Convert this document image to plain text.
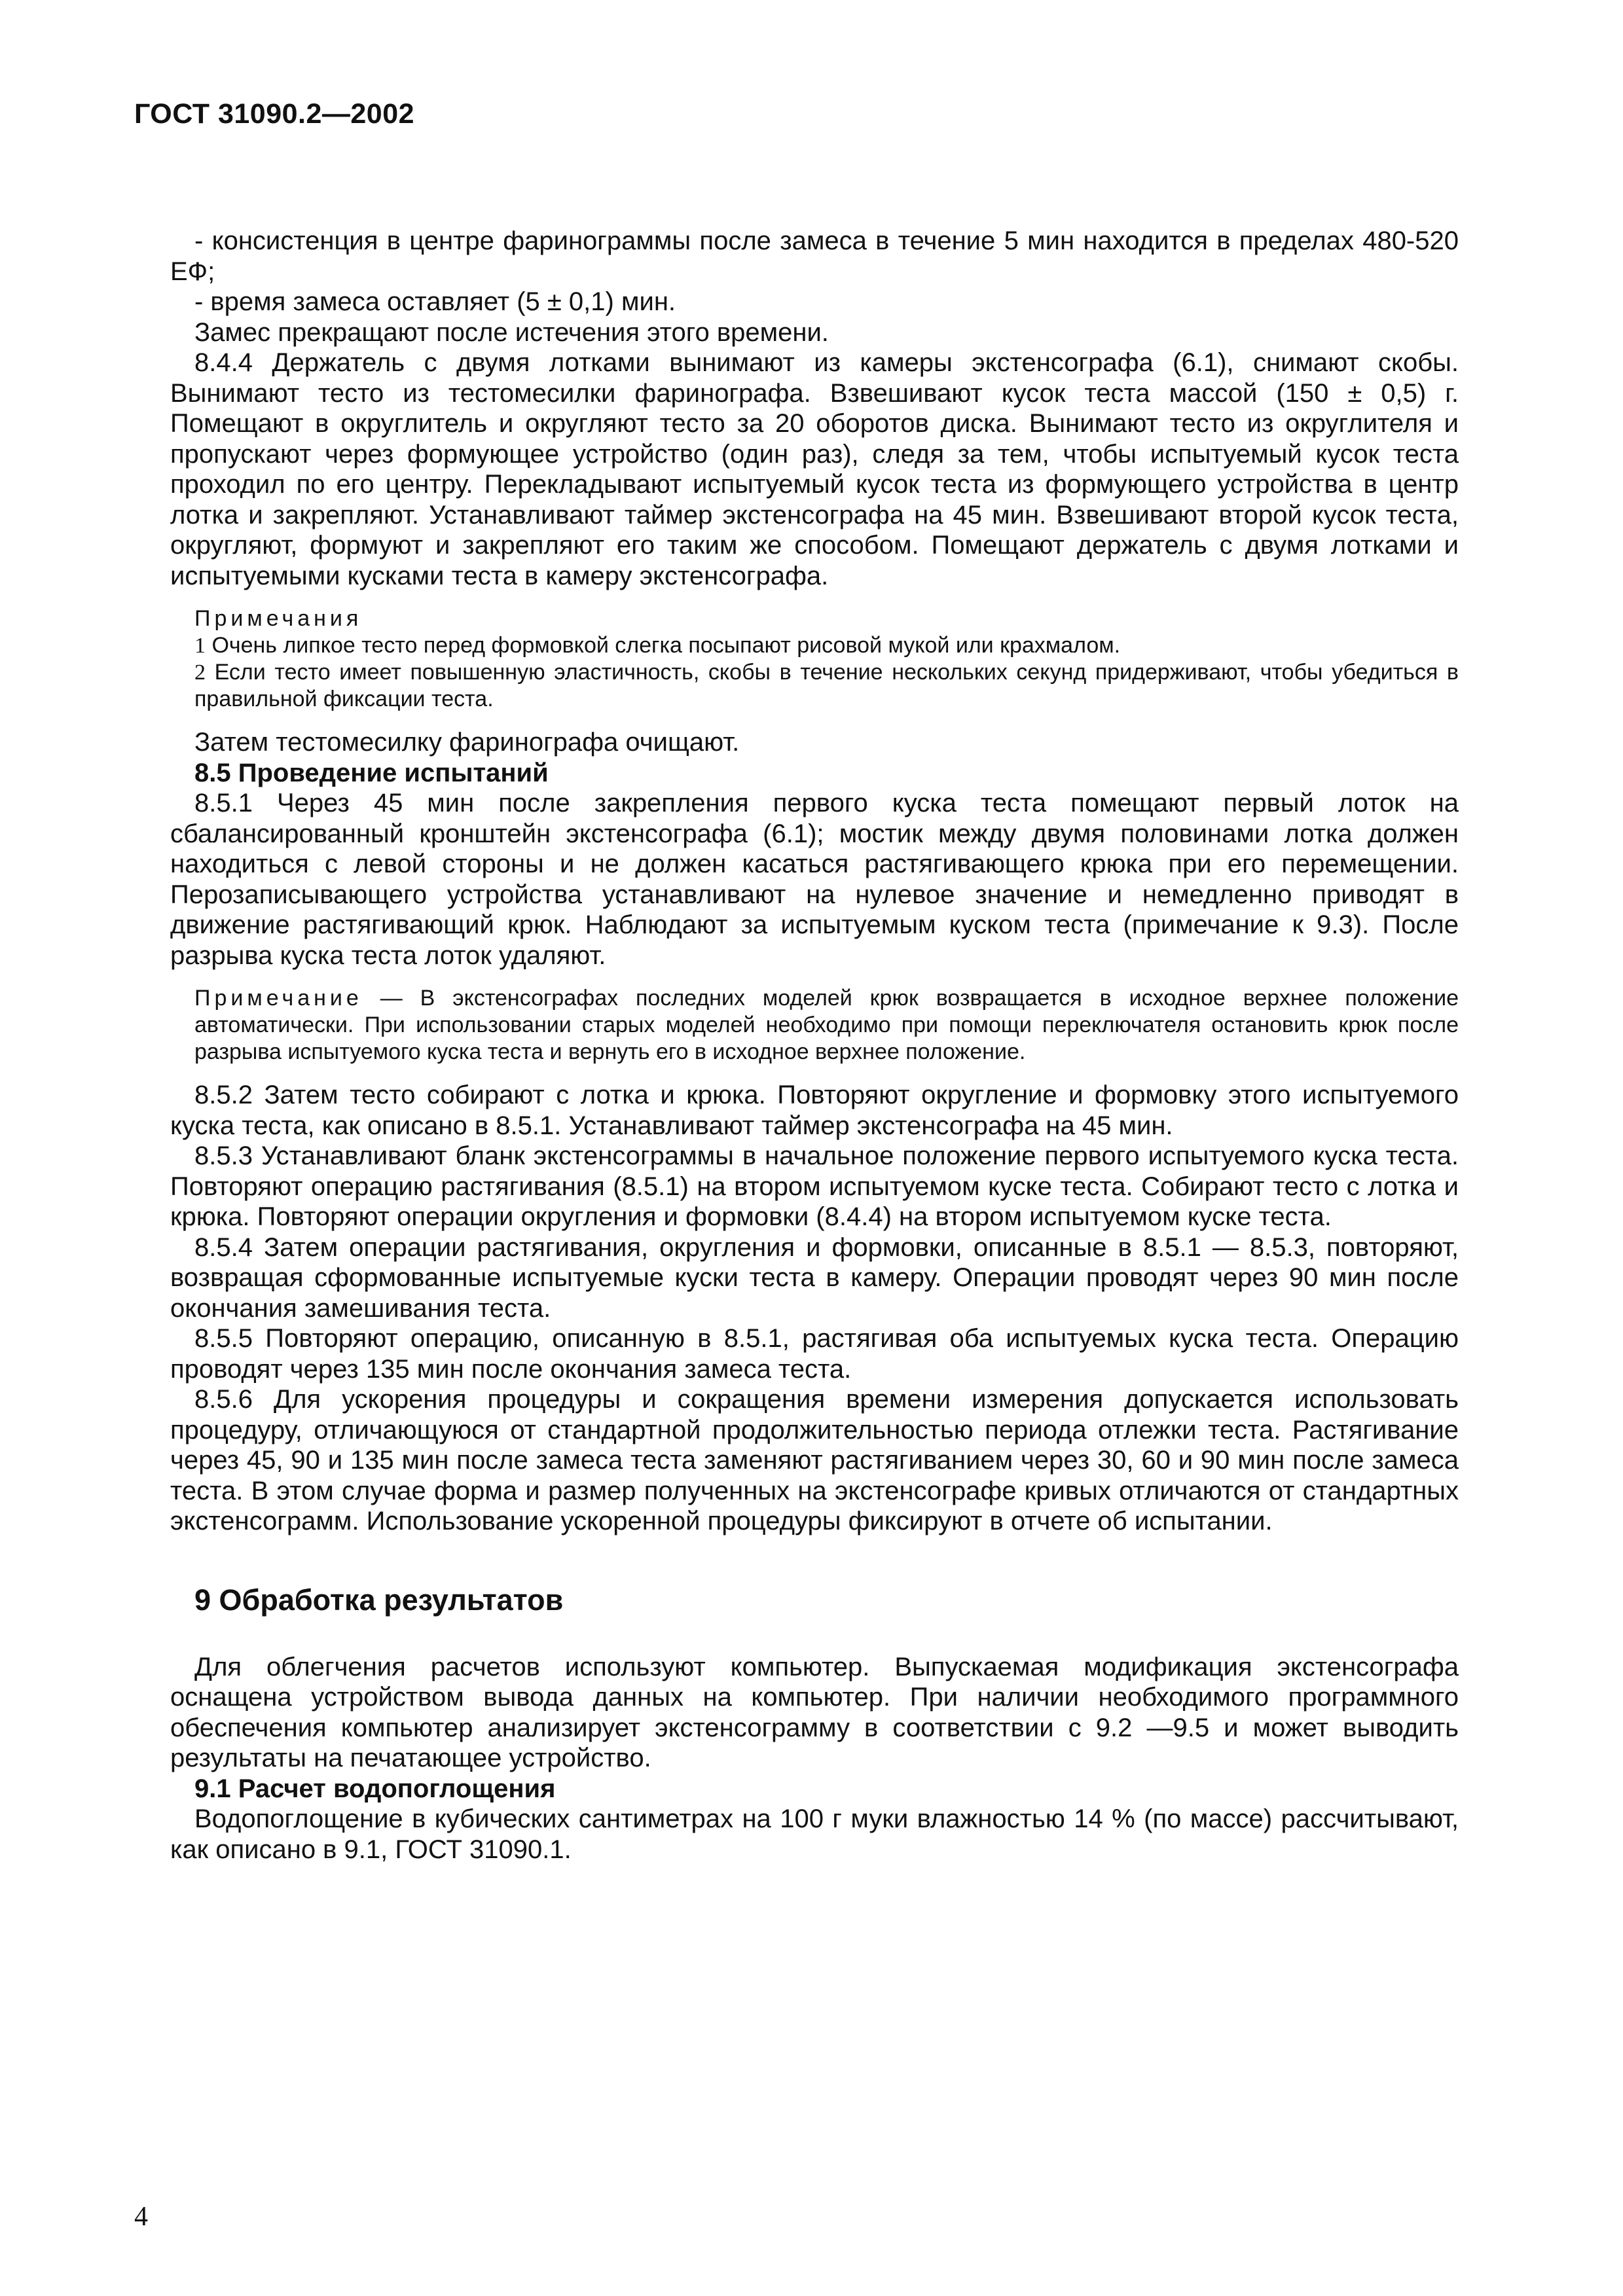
ГОСТ 31090.2—2002

- консистенция в центре фаринограммы после замеса в течение 5 мин находится в пределах 480-520 ЕФ;

- время замеса оставляет (5 ± 0,1) мин.

Замес прекращают после истечения этого времени.

8.4.4 Держатель с двумя лотками вынимают из камеры экстенсографа (6.1), снимают скобы. Вынимают тесто из тестомесилки фаринографа. Взвешивают кусок теста массой (150 ± 0,5) г. Помещают в округлитель и округляют тесто за 20 оборотов диска. Вынимают тесто из округлителя и пропускают через формующее устройство (один раз), следя за тем, чтобы испытуемый кусок теста проходил по его центру. Перекладывают испытуемый кусок теста из формующего устройства в центр лотка и закрепляют. Устанавливают таймер экстенсографа на 45 мин. Взвешивают второй кусок теста, округляют, формуют и закрепляют его таким же способом. Помещают держатель с двумя лотками и испытуемыми кусками теста в камеру экстенсографа.

Примечания
1 Очень липкое тесто перед формовкой слегка посыпают рисовой мукой или крахмалом.
2 Если тесто имеет повышенную эластичность, скобы в течение нескольких секунд придерживают, чтобы убедиться в правильной фиксации теста.

Затем тестомесилку фаринографа очищают.

8.5 Проведение испытаний

8.5.1 Через 45 мин после закрепления первого куска теста помещают первый лоток на сбалансированный кронштейн экстенсографа (6.1); мостик между двумя половинами лотка должен находиться с левой стороны и не должен касаться растягивающего крюка при его перемещении. Перозаписывающего устройства устанавливают на нулевое значение и немедленно приводят в движение растягивающий крюк. Наблюдают за испытуемым куском теста (примечание к 9.3). После разрыва куска теста лоток удаляют.

Примечание — В экстенсографах последних моделей крюк возвращается в исходное верхнее положение автоматически. При использовании старых моделей необходимо при помощи переключателя остановить крюк после разрыва испытуемого куска теста и вернуть его в исходное верхнее положение.

8.5.2 Затем тесто собирают с лотка и крюка. Повторяют округление и формовку этого испытуемого куска теста, как описано в 8.5.1. Устанавливают таймер экстенсографа на 45 мин.

8.5.3 Устанавливают бланк экстенсограммы в начальное положение первого испытуемого куска теста. Повторяют операцию растягивания (8.5.1) на втором испытуемом куске теста. Собирают тесто с лотка и крюка. Повторяют операции округления и формовки (8.4.4) на втором испытуемом куске теста.

8.5.4 Затем операции растягивания, округления и формовки, описанные в 8.5.1 — 8.5.3, повторяют, возвращая сформованные испытуемые куски теста в камеру. Операции проводят через 90 мин после окончания замешивания теста.

8.5.5 Повторяют операцию, описанную в 8.5.1, растягивая оба испытуемых куска теста. Операцию проводят через 135 мин после окончания замеса теста.

8.5.6 Для ускорения процедуры и сокращения времени измерения допускается использовать процедуру, отличающуюся от стандартной продолжительностью периода отлежки теста. Растягивание через 45, 90 и 135 мин после замеса теста заменяют растягиванием через 30, 60 и 90 мин после замеса теста. В этом случае форма и размер полученных на экстенсографе кривых отличаются от стандартных экстенсограмм. Использование ускоренной процедуры фиксируют в отчете об испытании.

9 Обработка результатов

Для облегчения расчетов используют компьютер. Выпускаемая модификация экстенсографа оснащена устройством вывода данных на компьютер. При наличии необходимого программного обеспечения компьютер анализирует экстенсограмму в соответствии с 9.2 —9.5 и может выводить результаты на печатающее устройство.

9.1 Расчет водопоглощения

Водопоглощение в кубических сантиметрах на 100 г муки влажностью 14 % (по массе) рассчитывают, как описано в 9.1, ГОСТ 31090.1.

4
